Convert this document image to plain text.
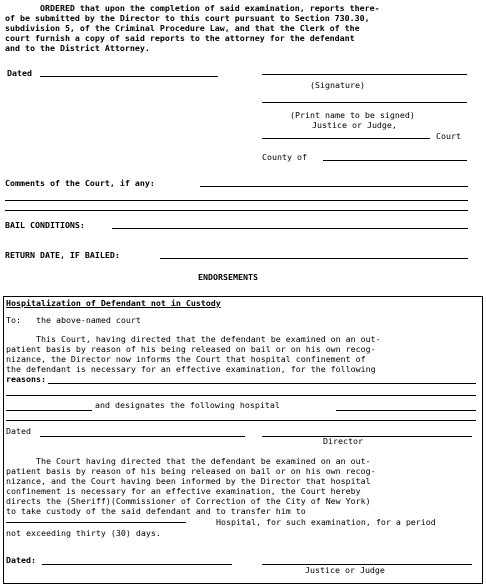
ORDERED that upon the completion of said examination, reports there-
of be submitted by the Director to this court pursuant to Section 730.30,
subdivision 5, of the Criminal Procedure Law, and that the Clerk of the
court furnish a copy of said reports to the attorney for the defendant
and to the District Attorney.
Dated
(Signature)
(Print name to be signed)
Justice or Judge,
Court
County of
Comments of the Court, if any:
BAIL CONDITIONS:
RETURN DATE, IF BAILED:
ENDORSEMENTS
Hospitalization of Defendant not in Custody
To:   the above-named court
This Court, having directed that the defendant be examined on an out-
patient basis by reason of his being released on bail or on his own recog-
nizance, the Director now informs the Court that hospital confinement of
the defendant is necessary for an effective examination, for the following
reasons:
and designates the following hospital
Dated
Director
The Court having directed that the defendant be examined on an out-
patient basis by reason of his being released on bail or on his own recog-
nizance, and the Court having been informed by the Director that hospital
confinement is necessary for an effective examination, the Court hereby
directs the (Sheriff)(Commissioner of Correction of the City of New York)
to take custody of the said defendant and to transfer him to
Hospital, for such examination, for a period
not exceeding thirty (30) days.
Dated:
Justice or Judge
